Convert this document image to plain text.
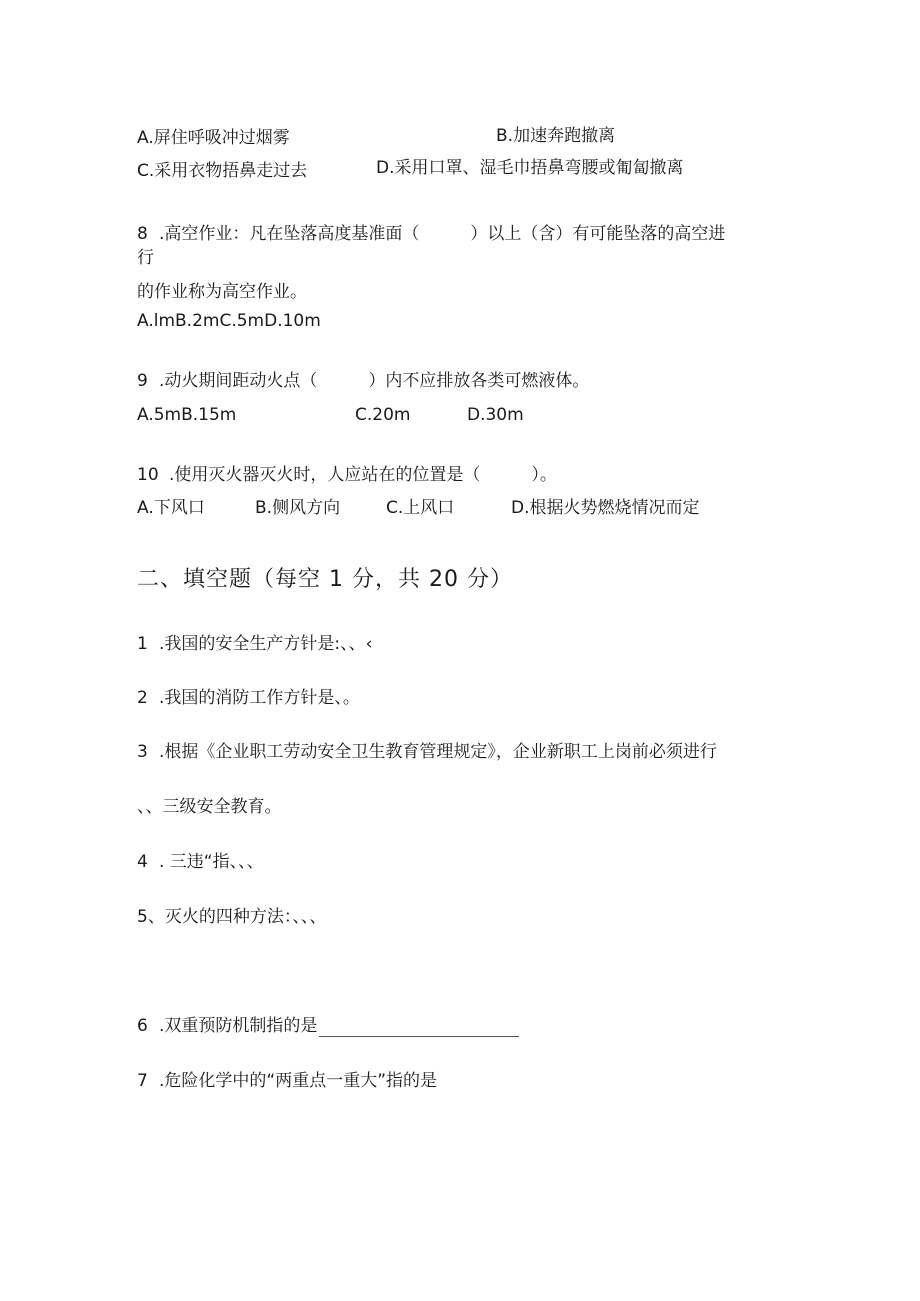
A.屏住呼吸冲过烟雾	B.加速奔跑撤离
C.采用衣物捂鼻走过去	D.采用口罩、湿毛巾捂鼻弯腰或匍匐撤离
8 .高空作业：凡在坠落高度基准面（　　　）以上（含）有可能坠落的高空进
行
的作业称为高空作业。
A.lmB.2mC.5mD.10m
9 .动火期间距动火点（　　　）内不应排放各类可燃液体。
A.5mB.15m	C.20m	D.30m
10 .使用灭火器灭火时，人应站在的位置是（　　　）。
A.下风口	B.侧风方向	C.上风口	D.根据火势燃烧情况而定
二、填空题（每空 1 分，共 20 分）
1 .我国的安全生产方针是:、、‹
2 .我国的消防工作方针是、。
3 .根据《企业职工劳动安全卫生教育管理规定》，企业新职工上岗前必须进行
、、三级安全教育。
4 . 三违“指、、、
5、灭火的四种方法：、、、
6 .双重预防机制指的是
7 .危险化学中的“两重点一重大”指的是
